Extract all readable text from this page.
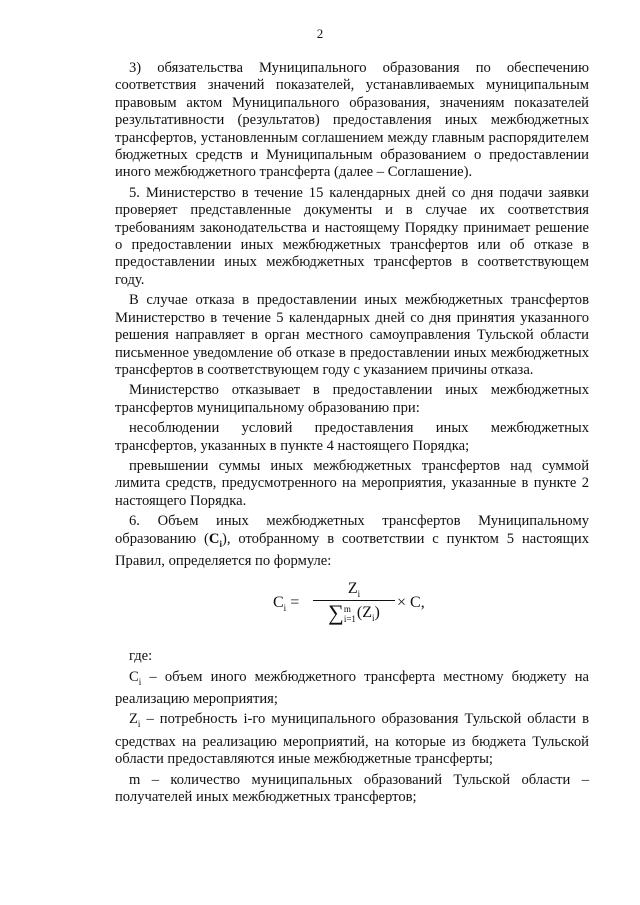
2

3) обязательства Муниципального образования по обеспечению соответствия значений показателей, устанавливаемых муниципальным правовым актом Муниципального образования, значениям показателей результативности (результатов) предоставления иных межбюджетных трансфертов, установленным соглашением между главным распорядителем бюджетных средств и Муниципальным образованием о предоставлении иного межбюджетного трансферта (далее – Соглашение).

5. Министерство в течение 15 календарных дней со дня подачи заявки проверяет представленные документы и в случае их соответствия требованиям законодательства и настоящему Порядку принимает решение о предоставлении иных межбюджетных трансфертов или об отказе в предоставлении иных межбюджетных трансфертов в соответствующем году.

В случае отказа в предоставлении иных межбюджетных трансфертов Министерство в течение 5 календарных дней со дня принятия указанного решения направляет в орган местного самоуправления Тульской области письменное уведомление об отказе в предоставлении иных межбюджетных трансфертов в соответствующем году с указанием причины отказа.

Министерство отказывает в предоставлении иных межбюджетных трансфертов муниципальному образованию при:

несоблюдении условий предоставления иных межбюджетных трансфертов, указанных в пункте 4 настоящего Порядка;

превышении суммы иных межбюджетных трансфертов над суммой лимита средств, предусмотренного на мероприятия, указанные в пункте 2 настоящего Порядка.

6. Объем иных межбюджетных трансфертов Муниципальному образованию $(C_i)$, отобранному в соответствии с пунктом 5 настоящих Правил, определяется по формуле:

$C_i$ =
$Z_i$
∑m
$i=1(Z_i)$
× C,

где:

$C_i$ – объем иного межбюджетного трансферта местному бюджету на реализацию мероприятия;

$Z_i$ – потребность i-го муниципального образования Тульской области в средствах на реализацию мероприятий, на которые из бюджета Тульской области предоставляются иные межбюджетные трансферты;

m – количество муниципальных образований Тульской области – получателей иных межбюджетных трансфертов;
